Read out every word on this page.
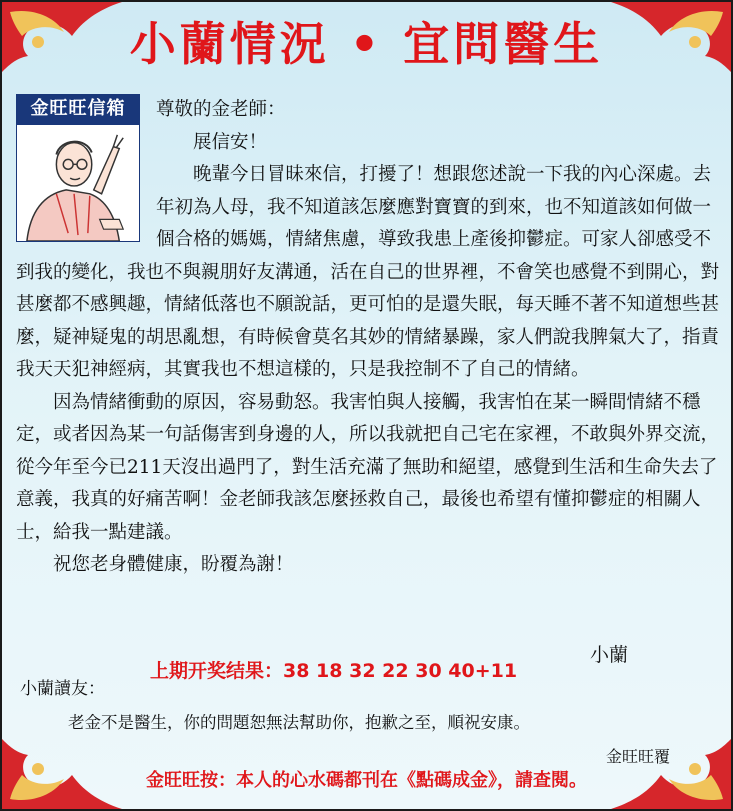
小蘭情況 • 宜問醫生
金旺旺信箱	尊敬的金老師：

展信安！

晚輩今日冒昧來信，打擾了！想跟您述說一下我的內心深處。去年初為人母，我不知道該怎麼應對寶寶的到來，也不知道該如何做一個合格的媽媽，情緒焦慮，導致我患上產後抑鬱症。可家人卻感受不到我的變化，我也不與親朋好友溝通，活在自己的世界裡，不會笑也感覺不到開心，對甚麼都不感興趣，情緒低落也不願說話，更可怕的是還失眠，每天睡不著不知道想些甚麼，疑神疑鬼的胡思亂想，有時候會莫名其妙的情緒暴躁，家人們說我脾氣大了，指責我天天犯神經病，其實我也不想這樣的，只是我控制不了自己的情緒。

因為情緒衝動的原因，容易動怒。我害怕與人接觸，我害怕在某一瞬間情緒不穩定，或者因為某一句話傷害到身邊的人，所以我就把自己宅在家裡，不敢與外界交流，從今年至今已211天沒出過門了，對生活充滿了無助和絕望，感覺到生活和生命失去了意義，我真的好痛苦啊！金老師我該怎麼拯救自己，最後也希望有懂抑鬱症的相關人士，給我一點建議。

祝您老身體健康，盼覆為謝！

小蘭
上期开奖结果：38 18 32 22 30 40+11
小蘭讀友：
老金不是醫生，你的問題恕無法幫助你，抱歉之至，順祝安康。
金旺旺覆
金旺旺按：本人的心水碼都刊在《點碼成金》，請查閱。
